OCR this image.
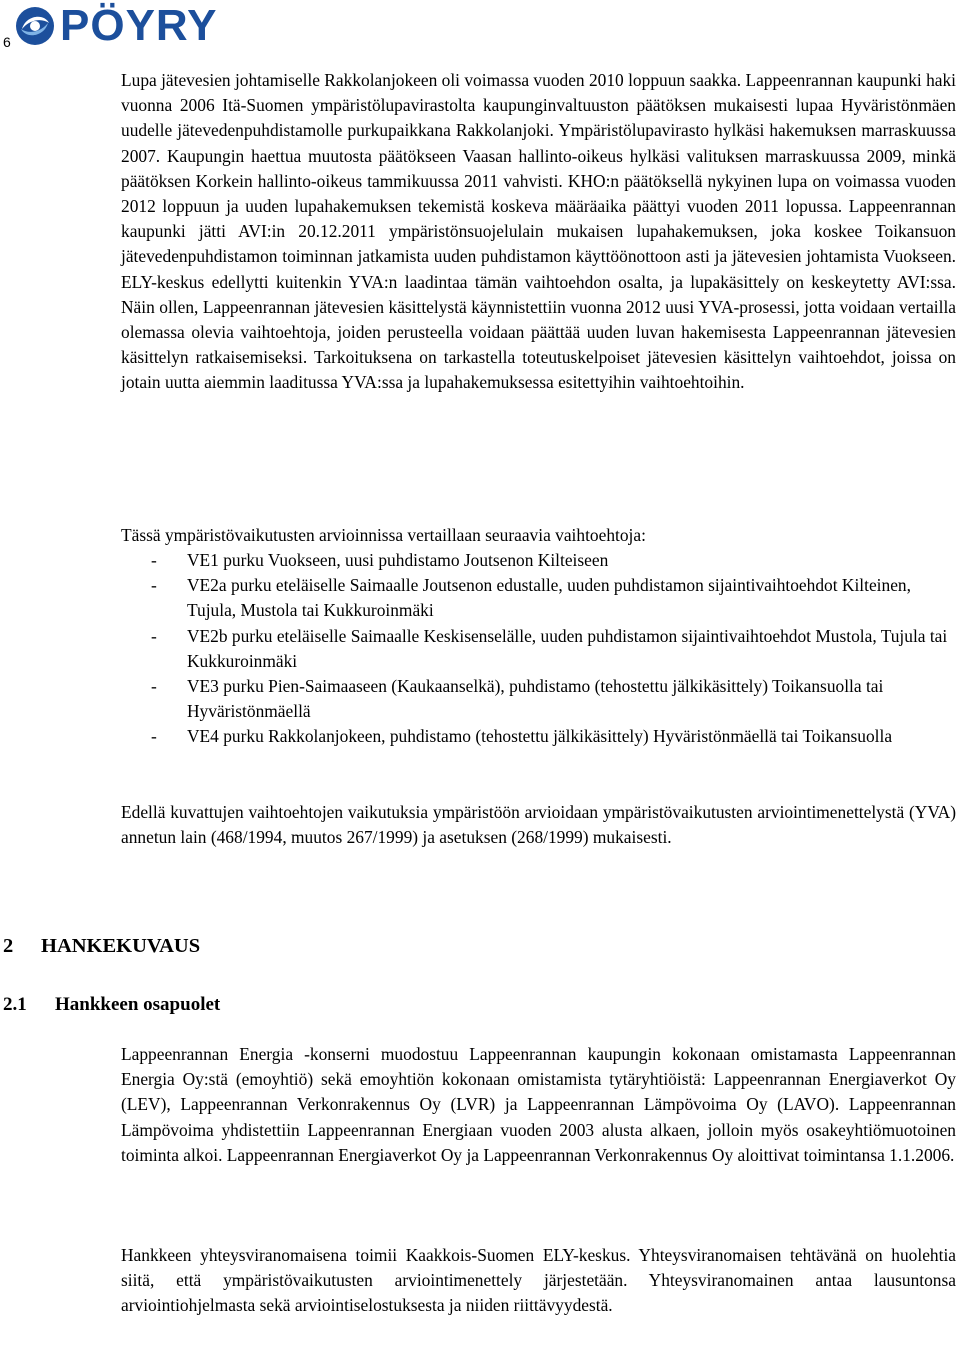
6 PÖYRY

Lupa jätevesien johtamiselle Rakkolanjokeen oli voimassa vuoden 2010 loppuun saakka. Lappeenrannan kaupunki haki vuonna 2006 Itä-Suomen ympäristölupavirastolta kaupunginvaltuuston päätöksen mukaisesti lupaa Hyväristönmäen uudelle jätevedenpuhdistamolle purkupaikkana Rakkolanjoki. Ympäristölupavirasto hylkäsi hakemuksen marraskuussa 2007. Kaupungin haettua muutosta päätökseen Vaasan hallinto-oikeus hylkäsi valituksen marraskuussa 2009, minkä päätöksen Korkein hallinto-oikeus tammikuussa 2011 vahvisti. KHO:n päätöksellä nykyinen lupa on voimassa vuoden 2012 loppuun ja uuden lupahakemuksen tekemistä koskeva määräaika päättyi vuoden 2011 lopussa. Lappeenrannan kaupunki jätti AVI:in 20.12.2011 ympäristönsuojelulain mukaisen lupahakemuksen, joka koskee Toikansuon jätevedenpuhdistamon toiminnan jatkamista uuden puhdistamon käyttöönottoon asti ja jätevesien johtamista Vuokseen. ELY-keskus edellytti kuitenkin YVA:n laadintaa tämän vaihtoehdon osalta, ja lupakäsittely on keskeytetty AVI:ssa. Näin ollen, Lappeenrannan jätevesien käsittelystä käynnistettiin vuonna 2012 uusi YVA-prosessi, jotta voidaan vertailla olemassa olevia vaihtoehtoja, joiden perusteella voidaan päättää uuden luvan hakemisesta Lappeenrannan jätevesien käsittelyn ratkaisemiseksi. Tarkoituksena on tarkastella toteutuskelpoiset jätevesien käsittelyn vaihtoehdot, joissa on jotain uutta aiemmin laaditussa YVA:ssa ja lupahakemuksessa esitettyihin vaihtoehtoihin.

Tässä ympäristövaikutusten arvioinnissa vertaillaan seuraavia vaihtoehtoja:

- VE1 purku Vuokseen, uusi puhdistamo Joutsenon Kilteiseen
- VE2a purku eteläiselle Saimaalle Joutsenon edustalle, uuden puhdistamon sijaintivaihtoehdot Kilteinen, Tujula, Mustola tai Kukkuroinmäki
- VE2b purku eteläiselle Saimaalle Keskisenselälle, uuden puhdistamon sijaintivaihtoehdot Mustola, Tujula tai Kukkuroinmäki
- VE3 purku Pien-Saimaaseen (Kaukaanselkä), puhdistamo (tehostettu jälkikäsittely) Toikansuolla tai Hyväristönmäellä
- VE4 purku Rakkolanjokeen, puhdistamo (tehostettu jälkikäsittely) Hyväristönmäellä tai Toikansuolla

Edellä kuvattujen vaihtoehtojen vaikutuksia ympäristöön arvioidaan ympäristövaikutusten arviointimenettelystä (YVA) annetun lain (468/1994, muutos 267/1999) ja asetuksen (268/1999) mukaisesti.

2 HANKEKUVAUS
2.1 Hankkeen osapuolet

Lappeenrannan Energia -konserni muodostuu Lappeenrannan kaupungin kokonaan omistamasta Lappeenrannan Energia Oy:stä (emoyhtiö) sekä emoyhtiön kokonaan omistamista tytäryhtiöistä: Lappeenrannan Energiaverkot Oy (LEV), Lappeenrannan Verkonrakennus Oy (LVR) ja Lappeenrannan Lämpövoima Oy (LAVO). Lappeenrannan Lämpövoima yhdistettiin Lappeenrannan Energiaan vuoden 2003 alusta alkaen, jolloin myös osakeyhtiömuotoinen toiminta alkoi. Lappeenrannan Energiaverkot Oy ja Lappeenrannan Verkonrakennus Oy aloittivat toimintansa 1.1.2006.

Hankkeen yhteysviranomaisena toimii Kaakkois-Suomen ELY-keskus. Yhteysviranomaisen tehtävänä on huolehtia siitä, että ympäristövaikutusten arviointimenettely järjestetään. Yhteysviranomainen antaa lausuntonsa arviointiohjelmasta sekä arviointiselostuksesta ja niiden riittävyydestä.
